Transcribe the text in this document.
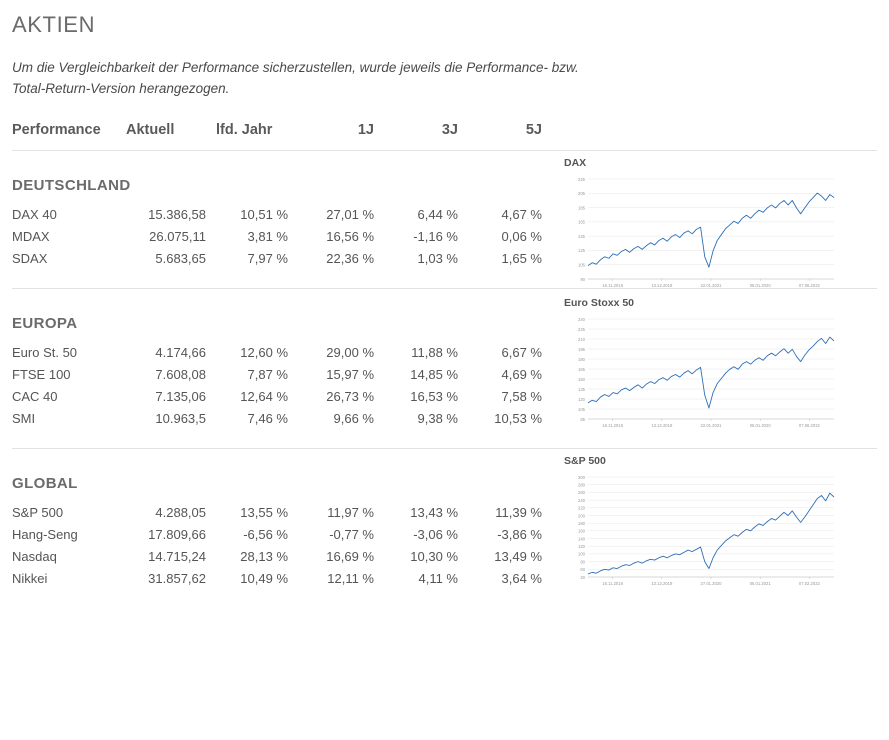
AKTIEN

Um die Vergleichbarkeit der Performance sicherzustellen, wurde jeweils die Performance- bzw. Total-Return-Version herangezogen.

Performance	Aktuell	lfd. Jahr	1J	3J	5J
DEUTSCHLAND
DAX 40	15.386,58	10,51 %	27,01 %	6,44 %	4,67 %
MDAX	26.075,11	3,81 %	16,56 %	-1,16 %	0,06 %
SDAX	5.683,65	7,97 %	22,36 %	1,03 %	1,65 %
DAX
225
205
185
165
145
125
105
90
16.11.2018	13.12.2019	22.01.2021	05.01.2020	07.06.2022
EUROPA
Euro St. 50	4.174,66	12,60 %	29,00 %	11,88 %	6,67 %
FTSE 100	7.608,08	7,87 %	15,97 %	14,85 %	4,69 %
CAC 40	7.135,06	12,64 %	26,73 %	16,53 %	7,58 %
SMI	10.963,5	7,46 %	9,66 %	9,38 %	10,53 %
Euro Stoxx 50
240
225
210
195
180
165
150
135
120
105
85
16.11.2018	13.12.2019	22.01.2021	05.01.2020	07.06.2022
GLOBAL
S&P 500	4.288,05	13,55 %	11,97 %	13,43 %	11,39 %
Hang-Seng	17.809,66	-6,56 %	-0,77 %	-3,06 %	-3,86 %
Nasdaq	14.715,24	28,13 %	16,69 %	10,30 %	13,49 %
Nikkei	31.857,62	10,49 %	12,11 %	4,11 %	3,64 %
S&P 500
300
280
260
240
220
200
180
160
140
120
100
80
60
40
16.11.2018	13.12.2019	27.01.2020	05.01.2021	07.02.2022
